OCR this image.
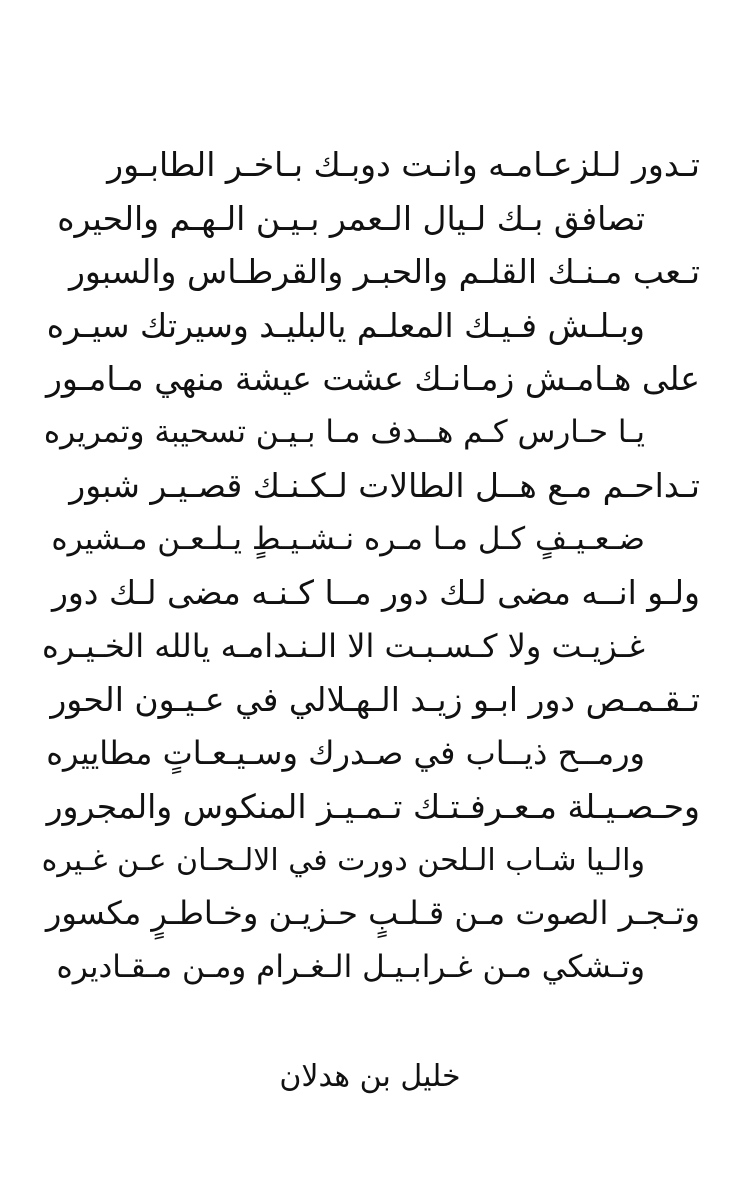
تـدور لـلزعـامـه وانـت دوبـك بـاخـر الطابـور
تصافق بـك لـيال الـعمر بـيـن الـهـم والحيره
تـعب مـنـك القلـم والحبـر والقرطـاس والسبور
وبـلـش فـيـك المعلـم يالبليـد وسيرتك سيـره
على هـامـش زمـانـك عشت عيشة منهي مـامـور
يـا حـارس كـم هــدف مـا بـيـن تسحيبة وتمريره
تـداحـم مـع هــل الطالات لـكـنـك قصـيـر شبور
ضـعـيـفٍ كـل مـا مـره نـشـيـطٍ يـلـعـن مـشيره
ولـو انــه مضى لـك دور مــا كـنـه مضى لـك دور
غـزيـت ولا كـسـبـت الا الـنـدامـه يالله الخـيـره
تـقـمـص دور ابـو زيـد الـهـلالي في عـيـون الحور
ورمــح ذيــاب في صـدرك وسـيـعـاتٍ مطاييره
وحـصـيـلة مـعـرفـتـك تـمـيـز المنكوس والمجرور
والـيا شـاب الـلحن دورت في الالـحـان عـن غـيره
وتـجـر الصوت مـن قـلـبٍ حـزيـن وخـاطـرٍ مكسور
وتـشكي مـن غـرابـيـل الـغـرام ومـن مـقـاديره
خليل بن هدلان
